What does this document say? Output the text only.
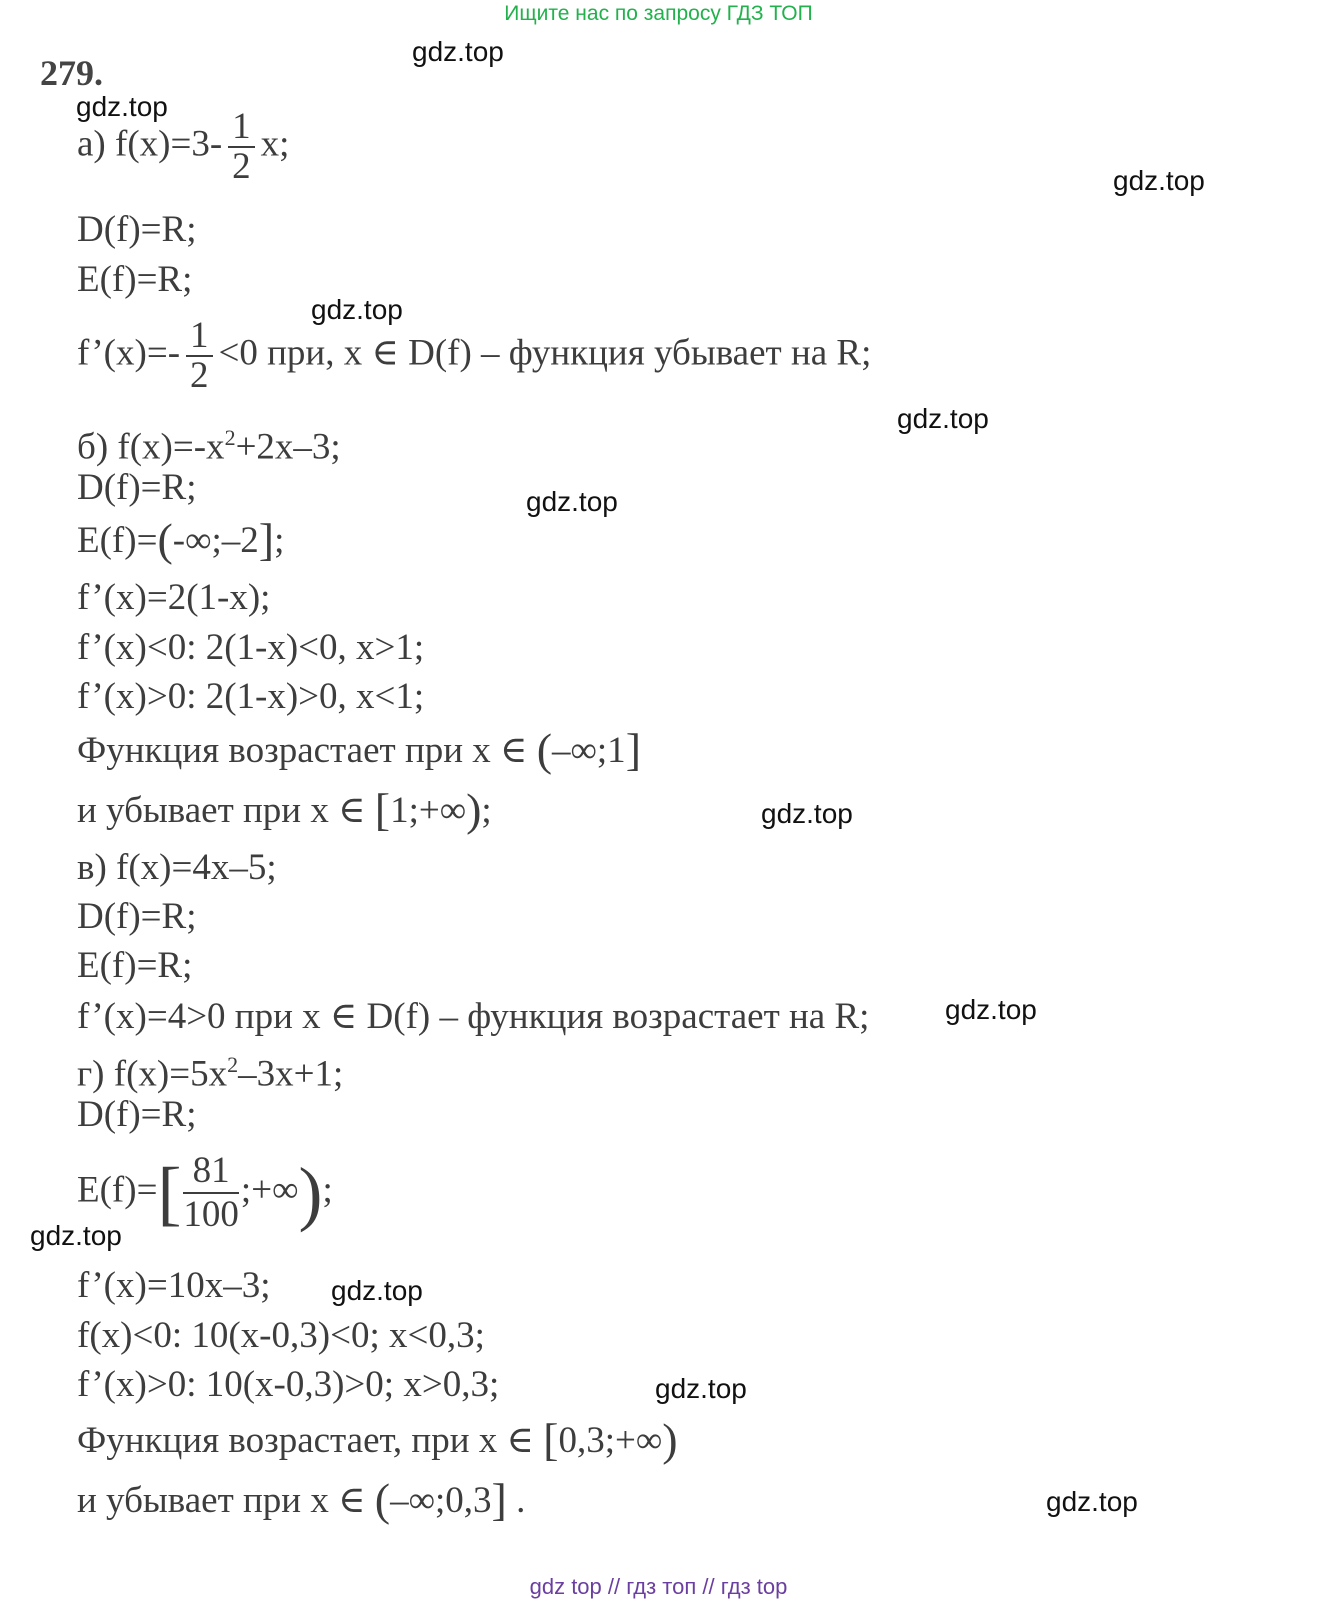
Ищите нас по запросу ГДЗ ТОП
279.
gdz.top
gdz.top
gdz.top
gdz.top
gdz.top
gdz.top
gdz.top
gdz.top
gdz.top
gdz.top
gdz.top
gdz.top
а) $f(x)=3- \frac{1}{2} x$;
D(f)=R;
E(f)=R;
f’(x)=- $\frac{1}{2} <0$ при, x ∈ D(f) – функция убывает на R;
б) $f(x)=-x^2+2x-3$;
D(f)=R;
E(f)=(-∞;–2];
f’(x)=2(1-x);
f’(x)<0: 2(1-x)<0, x>1;
f’(x)>0: 2(1-x)>0, x<1;
Функция возрастает при x ∈ (–∞;1]
и убывает при x ∈ [1;+∞);
в) f(x)=4x–5;
D(f)=R;
E(f)=R;
f’(x)=4>0 при x ∈ D(f) – функция возрастает на R;
г) $f(x)=5x^2-3x+1$;
D(f)=R;
$E(f)=[ \frac{81}{100}$ ;+∞);
f’(x)=10x–3;
f(x)<0: 10(x-0,3)<0; x<0,3;
f’(x)>0: 10(x-0,3)>0; x>0,3;
Функция возрастает, при x ∈ [0,3;+∞)
и убывает при x ∈ (–∞;0,3] .
gdz top // гдз топ // гдз top
